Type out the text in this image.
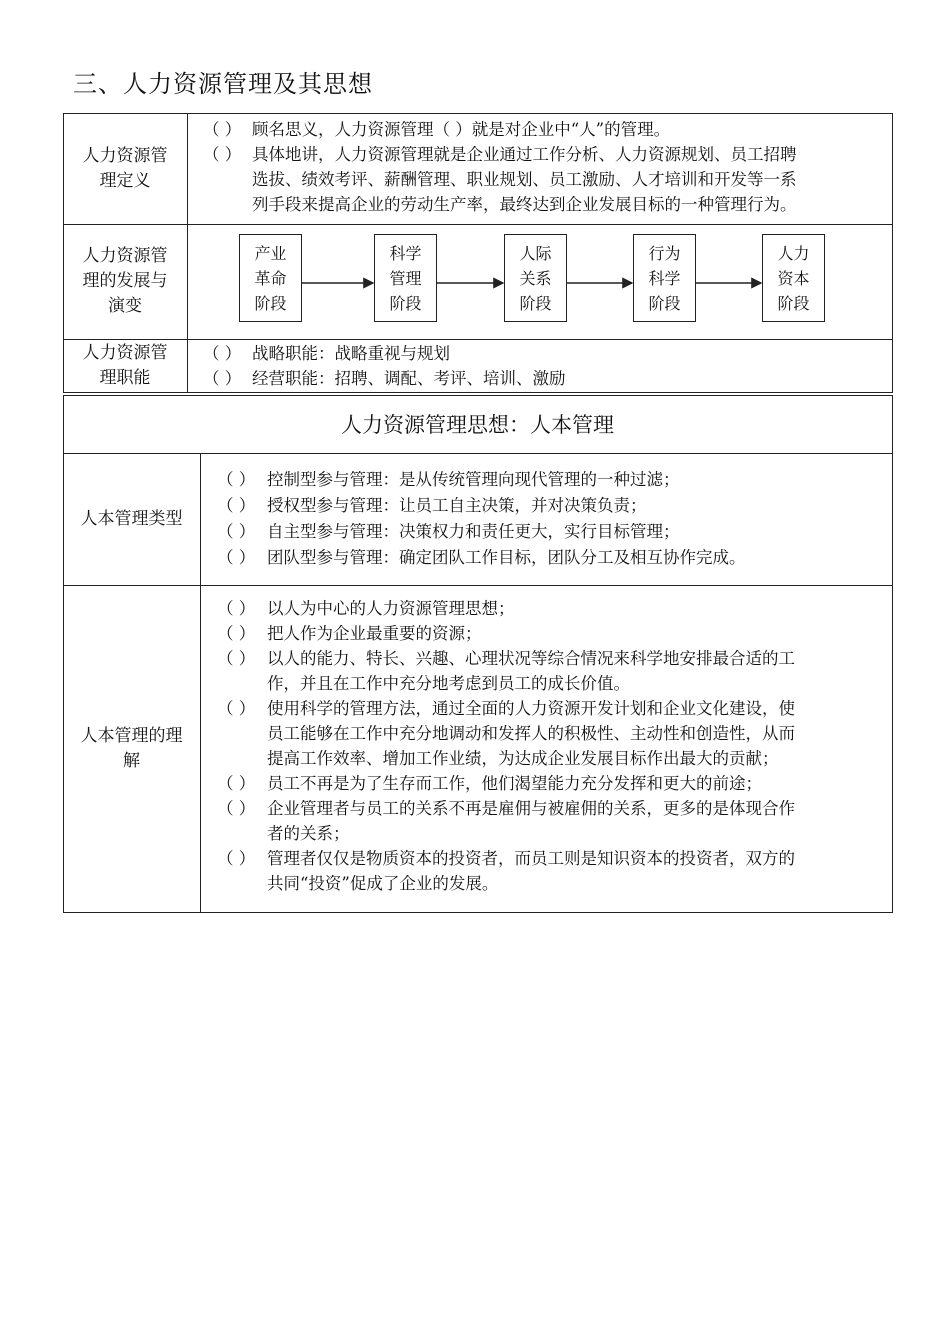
三、人力资源管理及其思想
人力资源管
理定义
（ ） 顾名思义，人力资源管理（ ）就是对企业中“人”的管理。
（ ） 具体地讲，人力资源管理就是企业通过工作分析、人力资源规划、员工招聘
选拔、绩效考评、薪酬管理、职业规划、员工激励、人才培训和开发等一系
列手段来提高企业的劳动生产率，最终达到企业发展目标的一种管理行为。
人力资源管
理的发展与
演变
产业
革命
阶段
科学
管理
阶段
人际
关系
阶段
行为
科学
阶段
人力
资本
阶段
人力资源管
理职能
（ ） 战略职能：战略重视与规划
（ ） 经营职能：招聘、调配、考评、培训、激励
人力资源管理思想：人本管理
人本管理类型
（ ） 控制型参与管理：是从传统管理向现代管理的一种过滤；
（ ） 授权型参与管理：让员工自主决策，并对决策负责；
（ ） 自主型参与管理：决策权力和责任更大，实行目标管理；
（ ） 团队型参与管理：确定团队工作目标，团队分工及相互协作完成。
人本管理的理
解
（ ） 以人为中心的人力资源管理思想；
（ ） 把人作为企业最重要的资源；
（ ） 以人的能力、特长、兴趣、心理状况等综合情况来科学地安排最合适的工
作，并且在工作中充分地考虑到员工的成长价值。
（ ） 使用科学的管理方法，通过全面的人力资源开发计划和企业文化建设，使
员工能够在工作中充分地调动和发挥人的积极性、主动性和创造性，从而
提高工作效率、增加工作业绩，为达成企业发展目标作出最大的贡献；
（ ） 员工不再是为了生存而工作，他们渴望能力充分发挥和更大的前途；
（ ） 企业管理者与员工的关系不再是雇佣与被雇佣的关系，更多的是体现合作
者的关系；
（ ） 管理者仅仅是物质资本的投资者，而员工则是知识资本的投资者，双方的
共同“投资”促成了企业的发展。
